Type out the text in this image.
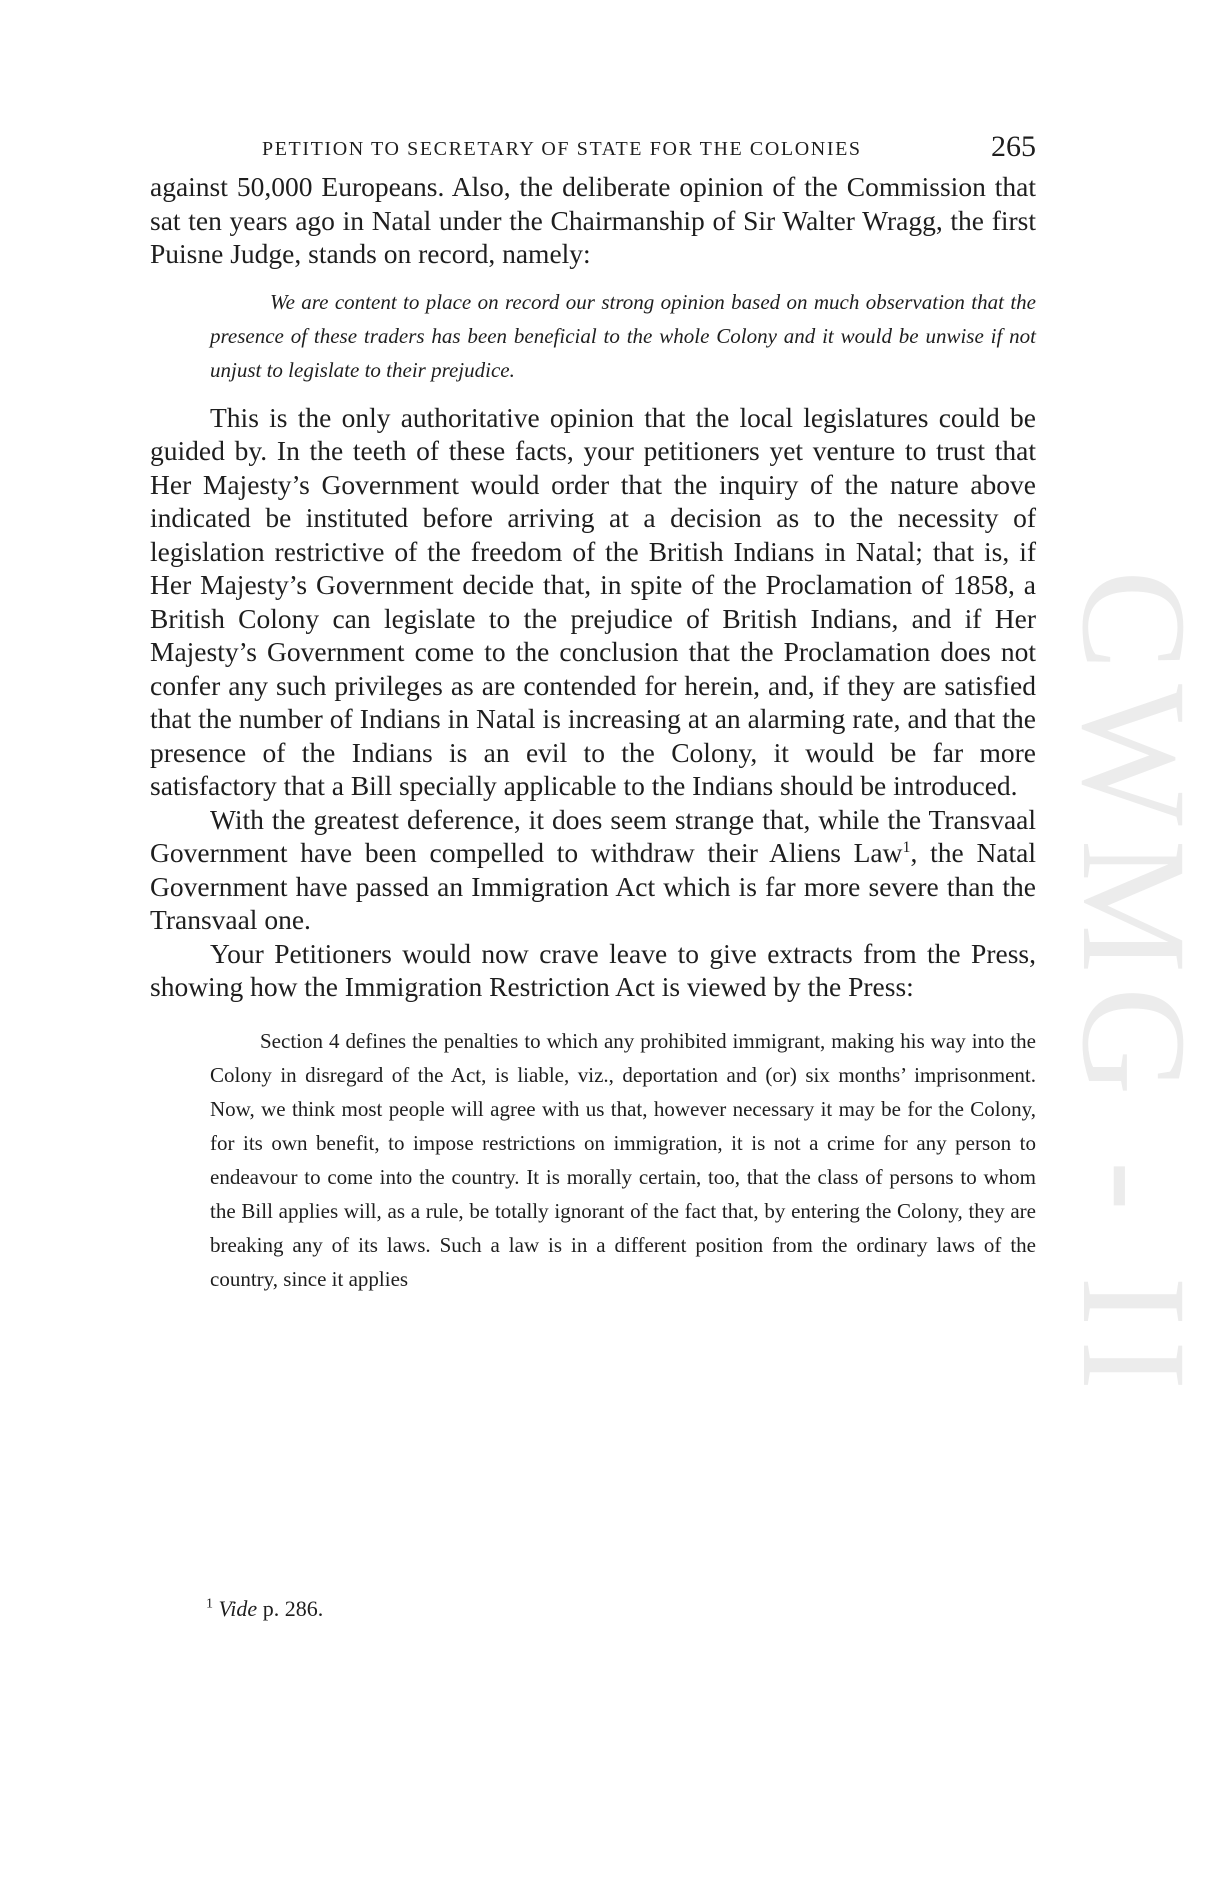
CWMG - II
PETITION TO SECRETARY OF STATE FOR THE COLONIES	265

against 50,000 Europeans. Also, the deliberate opinion of the Commission that sat ten years ago in Natal under the Chairmanship of Sir Walter Wragg, the first Puisne Judge, stands on record, namely:

We are content to place on record our strong opinion based on much observation that the presence of these traders has been beneficial to the whole Colony and it would be unwise if not unjust to legislate to their prejudice.

This is the only authoritative opinion that the local legislatures could be guided by. In the teeth of these facts, your petitioners yet venture to trust that Her Majesty’s Government would order that the inquiry of the nature above indicated be instituted before arriving at a decision as to the necessity of legislation restrictive of the freedom of the British Indians in Natal; that is, if Her Majesty’s Government decide that, in spite of the Proclamation of 1858, a British Colony can legislate to the prejudice of British Indians, and if Her Majesty’s Government come to the conclusion that the Proclamation does not confer any such privileges as are contended for herein, and, if they are satisfied that the number of Indians in Natal is increasing at an alarming rate, and that the presence of the Indians is an evil to the Colony, it would be far more satisfactory that a Bill specially applicable to the Indians should be introduced.

With the greatest deference, it does seem strange that, while the Transvaal Government have been compelled to withdraw their Aliens Law$^1$, the Natal Government have passed an Immigration Act which is far more severe than the Transvaal one.

Your Petitioners would now crave leave to give extracts from the Press, showing how the Immigration Restriction Act is viewed by the Press:

Section 4 defines the penalties to which any prohibited immigrant, making his way into the Colony in disregard of the Act, is liable, viz., deportation and (or) six months’ imprisonment. Now, we think most people will agree with us that, however necessary it may be for the Colony, for its own benefit, to impose restrictions on immigration, it is not a crime for any person to endeavour to come into the country. It is morally certain, too, that the class of persons to whom the Bill applies will, as a rule, be totally ignorant of the fact that, by entering the Colony, they are breaking any of its laws. Such a law is in a different position from the ordinary laws of the country, since it applies

$^1$ Vide p. 286.
